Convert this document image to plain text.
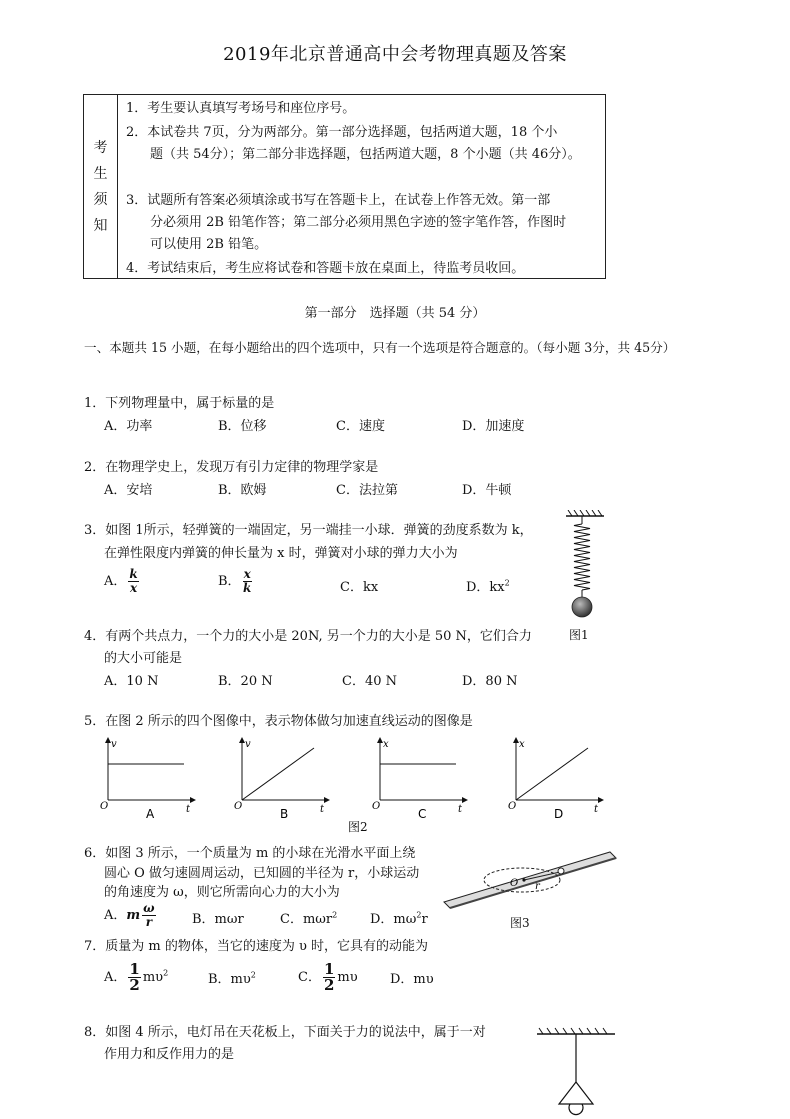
2019年北京普通高中会考物理真题及答案
考
生
须
知
1．考生要认真填写考场号和座位序号。
2．本试卷共 7页，分为两部分。第一部分选择题，包括两道大题，18 个小
题（共 54分）；第二部分非选择题，包括两道大题，8 个小题（共 46分）。
3．试题所有答案必须填涂或书写在答题卡上，在试卷上作答无效。第一部
分必须用 2B 铅笔作答；第二部分必须用黑色字迹的签字笔作答，作图时
可以使用 2B 铅笔。
4．考试结束后，考生应将试卷和答题卡放在桌面上，待监考员收回。
第一部分　选择题（共 54 分）
一、本题共 15 小题，在每小题给出的四个选项中，只有一个选项是符合题意的。（每小题 3分，共 45分）
1．下列物理量中，属于标量的是
A．功率	B．位移	C．速度	D．加速度
2．在物理学史上，发现万有引力定律的物理学家是
A．安培	B．欧姆	C．法拉第	D．牛顿
3．如图 1所示，轻弹簧的一端固定，另一端挂一小球．弹簧的劲度系数为 k，
在弹性限度内弹簧的伸长量为 x 时，弹簧对小球的弹力大小为
A． $\frac{k}{x}$	B． $\frac{x}{k}$	C．kx	D．$kx^2$
图1
4．有两个共点力，一个力的大小是 20N, 另一个力的大小是 50 N，它们合力
的大小可能是
A．10 N	B．20 N	C．40 N	D．80 N
5．在图 2 所示的四个图像中，表示物体做匀加速直线运动的图像是
v
O	t
A
v
O	t
B
x
O	t
C
x
O	t
D
图2
6．如图 3 所示，一个质量为 m 的小球在光滑水平面上绕
圆心 O 做匀速圆周运动，已知圆的半径为 r，小球运动
的角速度为 ω，则它所需向心力的大小为
A．m $\frac{\omega}{r}$	B．mωr	C．mωr$^2$	D．$m\omega^2r$
O r
图3
7．质量为 m 的物体，当它的速度为 υ 时，它具有的动能为
A． $\frac{1}{2} m\upsilon^2$	B．$m\upsilon^2$	C． $\frac{1}{2}$ mυ D．mυ
8．如图 4 所示，电灯吊在天花板上，下面关于力的说法中，属于一对
作用力和反作用力的是
